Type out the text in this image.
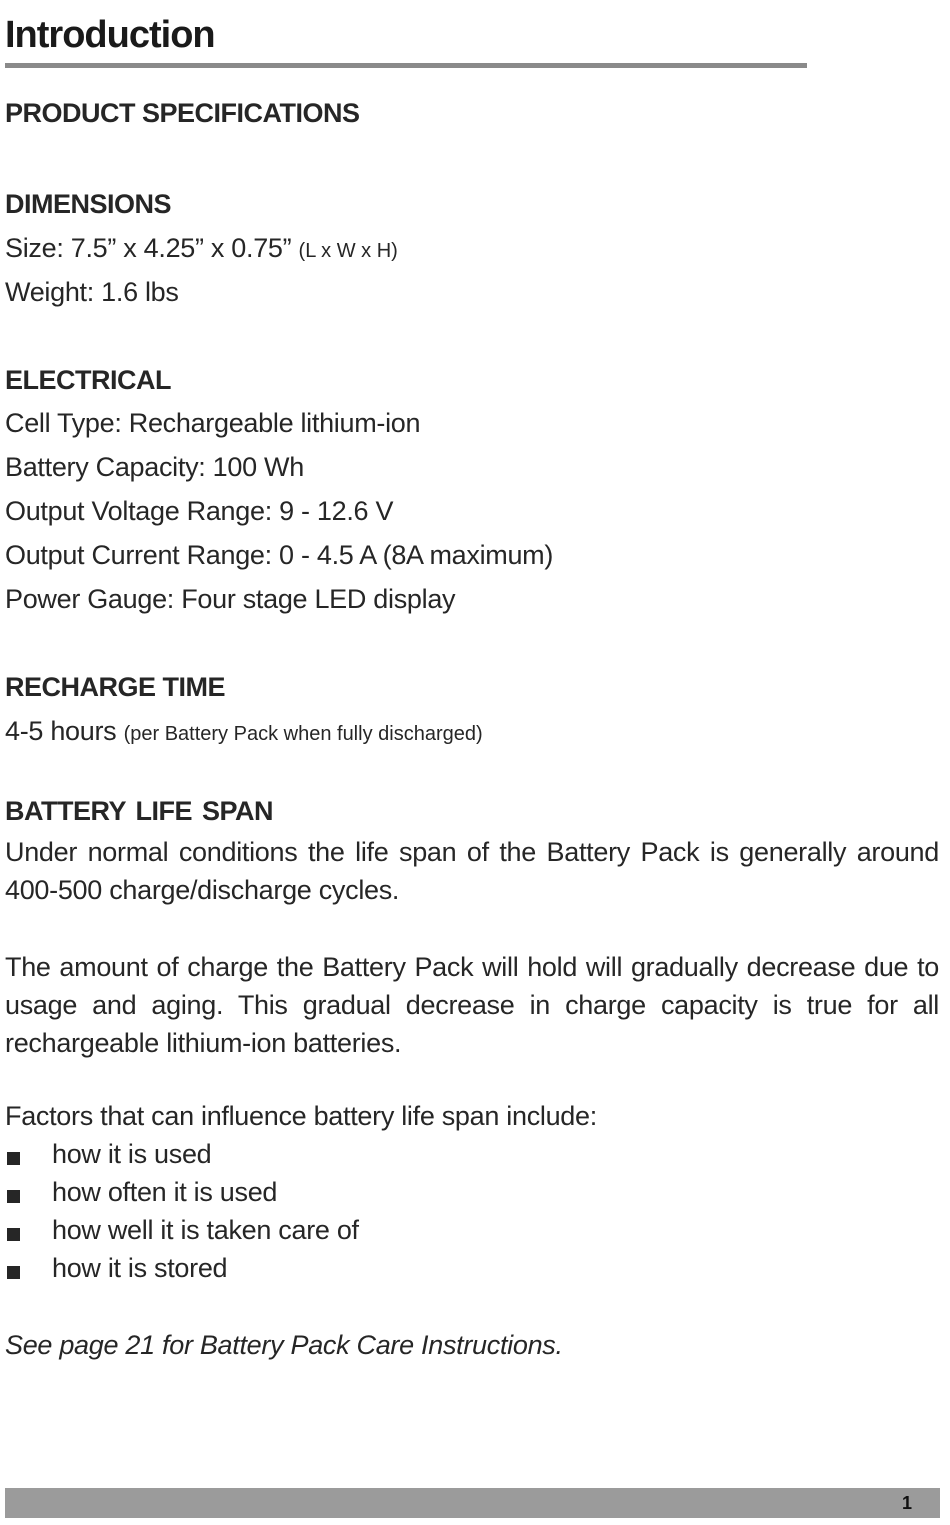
Introduction
PRODUCT SPECIFICATIONS
DIMENSIONS
Size: 7.5” x 4.25” x 0.75” (L x W x H)
Weight: 1.6 lbs
ELECTRICAL
Cell Type: Rechargeable lithium-ion
Battery Capacity: 100 Wh
Output Voltage Range: 9 - 12.6 V
Output Current Range: 0 - 4.5 A (8A maximum)
Power Gauge: Four stage LED display
RECHARGE TIME
4-5 hours (per Battery Pack when fully discharged)
BATTERY LIFE SPAN
Under normal conditions the life span of the Battery Pack is generally around 400-500 charge/discharge cycles.
The amount of charge the Battery Pack will hold will gradually decrease due to usage and aging. This gradual decrease in charge capacity is true for all rechargeable lithium-ion batteries.
Factors that can influence battery life span include:
how it is used
how often it is used
how well it is taken care of
how it is stored
See page 21 for Battery Pack Care Instructions.
1
